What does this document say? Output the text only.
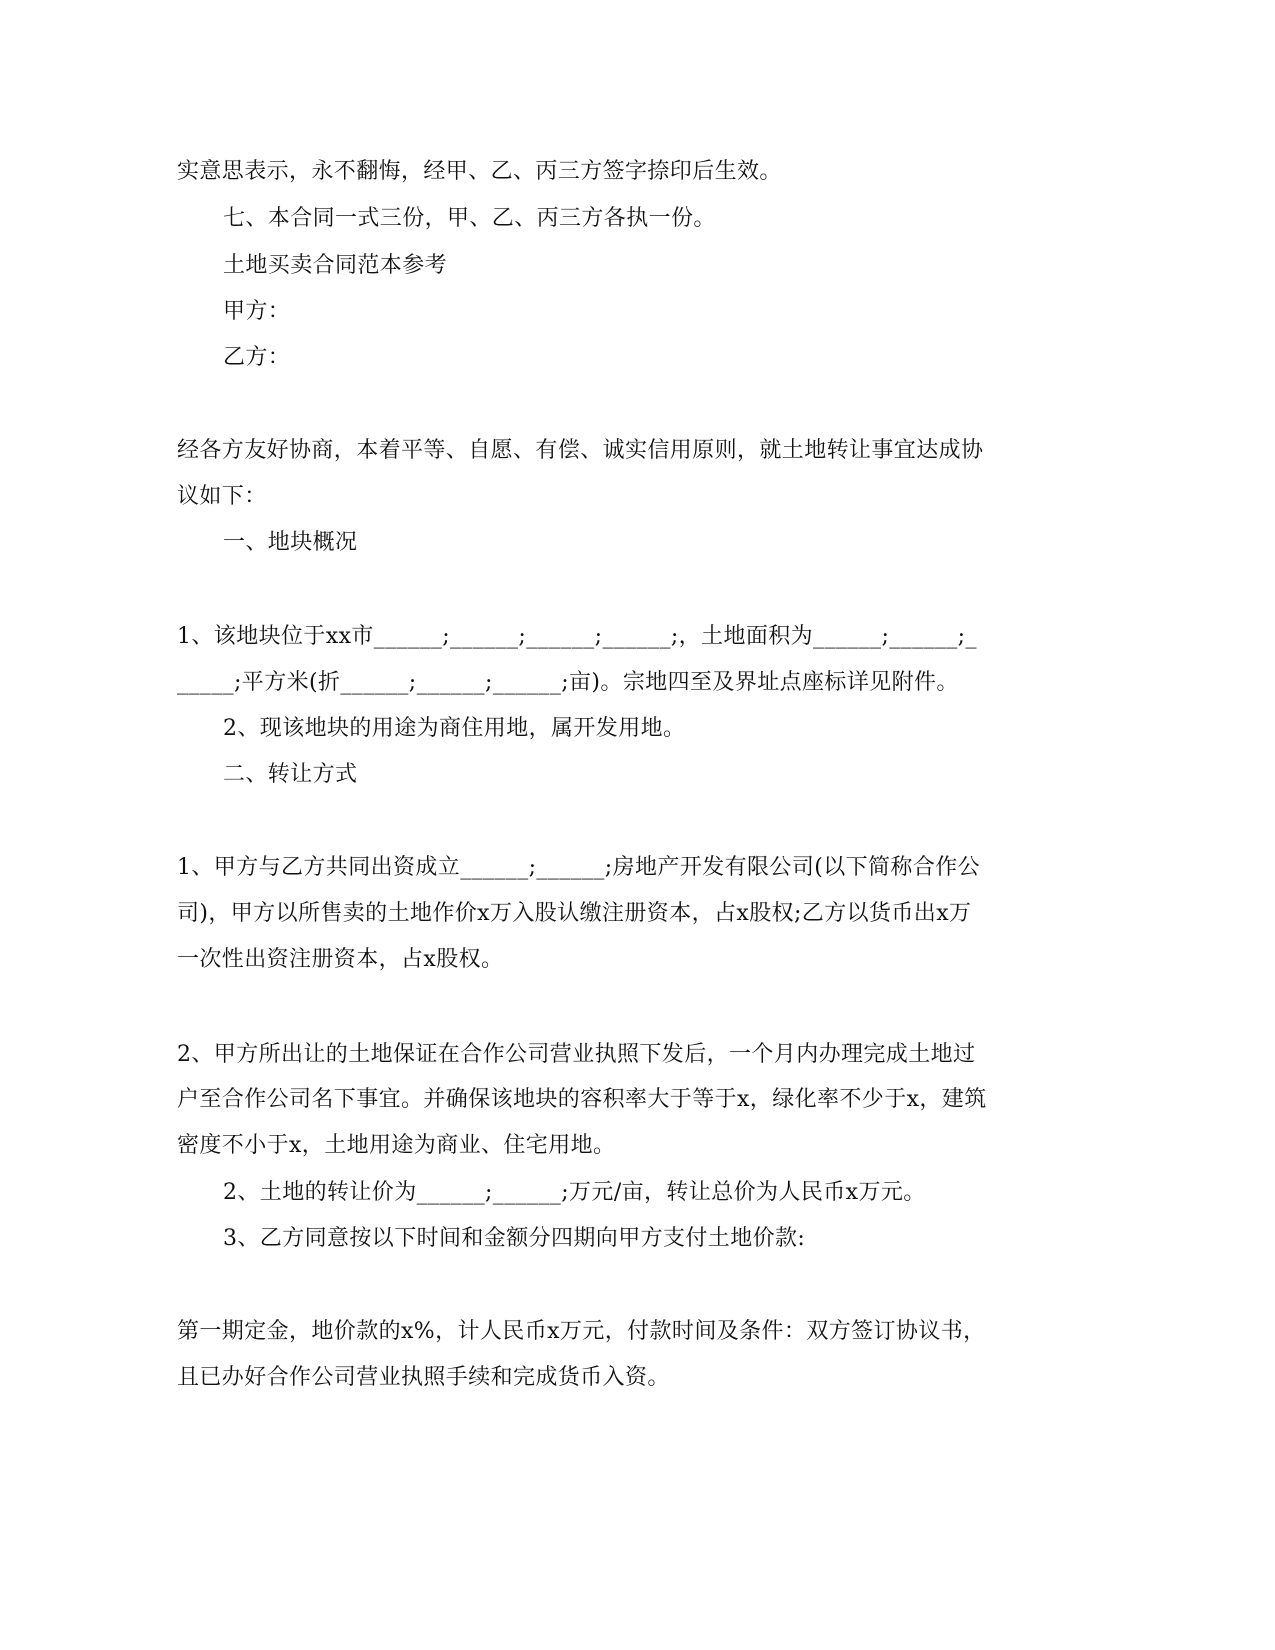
实意思表示，永不翻悔，经甲、乙、丙三方签字捺印后生效。
七、本合同一式三份，甲、乙、丙三方各执一份。
土地买卖合同范本参考
甲方：
乙方：
经各方友好协商，本着平等、自愿、有偿、诚实信用原则，就土地转让事宜达成协
议如下：
一、地块概况
1、该地块位于xx市______;______;______;______;，土地面积为______;______;_
_____;平方米(折______;______;______;亩)。宗地四至及界址点座标详见附件。
2、现该地块的用途为商住用地，属开发用地。
二、转让方式
1、甲方与乙方共同出资成立______;______;房地产开发有限公司(以下简称合作公
司)，甲方以所售卖的土地作价x万入股认缴注册资本，占x股权;乙方以货币出x万
一次性出资注册资本，占x股权。
2、甲方所出让的土地保证在合作公司营业执照下发后，一个月内办理完成土地过
户至合作公司名下事宜。并确保该地块的容积率大于等于x，绿化率不少于x，建筑
密度不小于x，土地用途为商业、住宅用地。
2、土地的转让价为______;______;万元/亩，转让总价为人民币x万元。
3、乙方同意按以下时间和金额分四期向甲方支付土地价款:
第一期定金，地价款的x%，计人民币x万元，付款时间及条件：双方签订协议书，
且已办好合作公司营业执照手续和完成货币入资。
